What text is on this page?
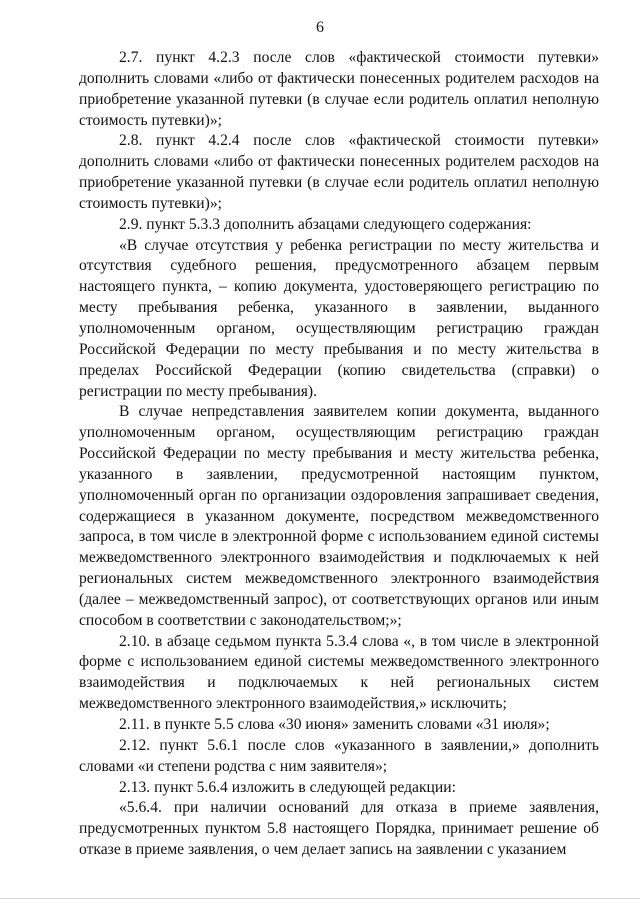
6

2.7. пункт 4.2.3 после слов «фактической стоимости путевки» дополнить словами «либо от фактически понесенных родителем расходов на приобретение указанной путевки (в случае если родитель оплатил неполную стоимость путевки)»;

2.8. пункт 4.2.4 после слов «фактической стоимости путевки» дополнить словами «либо от фактически понесенных родителем расходов на приобретение указанной путевки (в случае если родитель оплатил неполную стоимость путевки)»;

2.9. пункт 5.3.3 дополнить абзацами следующего содержания:

«В случае отсутствия у ребенка регистрации по месту жительства и отсутствия судебного решения, предусмотренного абзацем первым настоящего пункта, – копию документа, удостоверяющего регистрацию по месту пребывания ребенка, указанного в заявлении, выданного уполномоченным органом, осуществляющим регистрацию граждан Российской Федерации по месту пребывания и по месту жительства в пределах Российской Федерации (копию свидетельства (справки) о регистрации по месту пребывания).

В случае непредставления заявителем копии документа, выданного уполномоченным органом, осуществляющим регистрацию граждан Российской Федерации по месту пребывания и месту жительства ребенка, указанного в заявлении, предусмотренной настоящим пунктом, уполномоченный орган по организации оздоровления запрашивает сведения, содержащиеся в указанном документе, посредством межведомственного запроса, в том числе в электронной форме с использованием единой системы межведомственного электронного взаимодействия и подключаемых к ней региональных систем межведомственного электронного взаимодействия (далее – межведомственный запрос), от соответствующих органов или иным способом в соответствии с законодательством;»;

2.10. в абзаце седьмом пункта 5.3.4 слова «, в том числе в электронной форме с использованием единой системы межведомственного электронного взаимодействия и подключаемых к ней региональных систем межведомственного электронного взаимодействия,» исключить;

2.11. в пункте 5.5 слова «30 июня» заменить словами «31 июля»;

2.12. пункт 5.6.1 после слов «указанного в заявлении,» дополнить словами «и степени родства с ним заявителя»;

2.13. пункт 5.6.4 изложить в следующей редакции:

«5.6.4. при наличии оснований для отказа в приеме заявления, предусмотренных пунктом 5.8 настоящего Порядка, принимает решение об отказе в приеме заявления, о чем делает запись на заявлении с указанием
